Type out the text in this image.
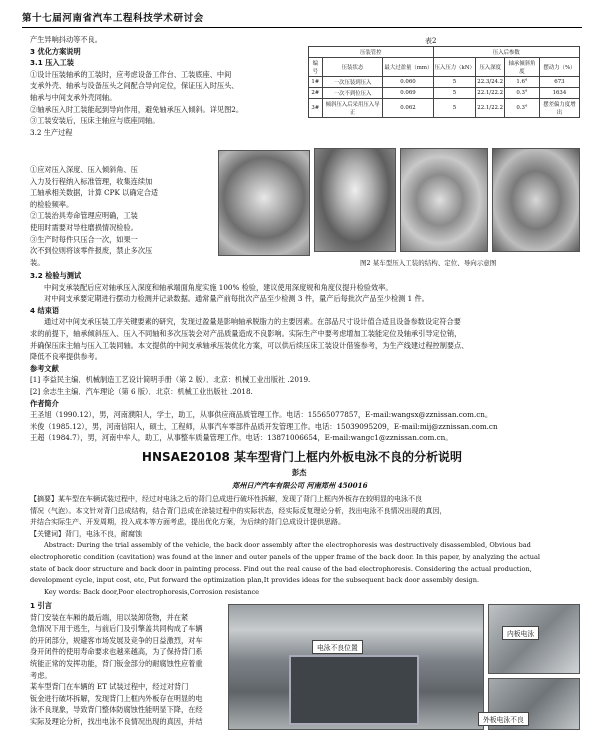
第十七届河南省汽车工程科技学术研讨会
产生异响抖动等不良。
3 优化方案说明
3.1 压入工装
①设计压装轴承的工装时，应考虑设备工作台、工装底座、中间
支承外壳、轴承与设备压头之间配合导向定位，保证压入时压头、
轴承与中间支承外壳同轴。
②轴承压入时工装能起到导向作用，避免轴承压入倾斜。详见图2。
③工装安装后，压床主轴应与底座同轴。
3.2 生产过程
①应对压入深度、压入倾斜角、压
入力及行程纳入标准管理，收集连续加
工轴承相关数据，计算 CPK 以确定合适
的检验频率。
②工装治具寿命管理应明确，工装
使用时需要对导柱磨损情况检验。
③生产时每件只压合一次，如果一
次不到位则将该零件报废，禁止多次压
装。
表2
压装管控			压入后参数			
编号	压装状态	最大过盈量（mm）	压入压力（kN）	压入深度	轴承倾斜角度	摆动力（%）
1#	一次压装到压入	0.060	5	22.3/24.2	1.6°	673
2#	一次不到位压入	0.069	5	22.1/22.2	0.3°	1634
3#	倾斜压入后采用压入导正	0.062	5	22.1/22.2	0.3°	摆差偏力度增出
图2 某车型压入工装的结构、定位、导向示意图
3.2 检验与测试
中间支承装配后应对轴承压入深度和轴承端面角度实施 100% 检验，建议使用深度规和角度仪提升检验效率。
对中间支承要定期进行摆动力检测并记录数据。通常量产前每批次产品至少检测 3 件，量产后每批次产品至少检测 1 件。
4 结束语
通过对中间支承压装工序关键要素的研究，发现过盈量是影响轴承脱脂力的主要因素。在部品尺寸设计值合适且设备参数设定符合要
求的前提下，轴承倾斜压入、压入不同轴和多次压装会对产品质量造成不良影响。实际生产中要考虑增加工装能定位及轴承引导定位销，
并确保压床主轴与压入工装同轴。本文提供的中间支承轴承压装优化方案，可以供后续压床工装设计借鉴参考，为生产线建过程控制要点、
降低不良率提供参考。
参考文献
[1] 李益民主编．机械制造工艺设计简明手册（第 2 版）．北京：机械工业出版社 .2019.
[2] 余志生主编．汽车理论（第 6 版）．北京：机械工业出版社 .2018.
作者简介
王圣旭（1990.12），男，河南濮阳人，学士，助工，从事供应商品质管理工作。电话：15565077857，E-mail:wangsx@zznissan.com.cn。
米俊（1985.12），男，河南信阳人，硕士，工程师，从事汽车零部件品质开发管理工作。电话：15039095209，E-mail:mij@zznissan.com.cn
王超（1984.7），男，河南中牟人，助工，从事整车质量管理工作。电话：13871006654，E-mail:wangc1@zznissan.com.cn。
HNSAE20108 某车型背门上框内外板电泳不良的分析说明
彭杰
郑州日产汽车有限公司 河南郑州 450016
【摘要】某车型在车辆试装过程中，经过对电泳之后的背门总成进行破坏性拆解，发现了背门上框内外板存在较明显的电泳不良
情况（气泡）。本文针对背门总成结构，结合背门总成在涂装过程中的实际状态，经实际反复理论分析，找出电泳不良情况出现的真因，
并结合实际生产、开发周期，投入成本等方面考虑，提出优化方案，为后续的背门总成设计提供思路。
【关键词】背门，电泳不良，耐腐蚀
Abstract: During the trial assembly of the vehicle, the back door assembly after the electrophoresis was destructively disassembled, Obvious bad
electrophoretic condition (cavitation) was found at the inner and outer panels of the upper frame of the back door. In this paper, by analyzing the actual
state of back door structure and back door in painting process. Find out the real cause of the bad electrophoresis. Considering the actual production,
development cycle, input cost, etc, Put forward the optimization plan,It provides ideas for the subsequent back door assembly design.
Key words: Back door,Poor electrophoresis,Corrosion resistance
1 引言
背门安装在车厢的最后端，用以装卸货物，并在紧
急情况下用于逃生，与前后门及引擎盖共同构成了车辆
的开闭部分，规避客市场发展及竞争的日益激烈，对车
身开闭件的使用寿命要求也越来越高，为了保持背门系
统能正常的发挥功能，背门钣金部分的耐腐蚀性应着重
考虑。
某车型背门在车辆的 ET 试装过程中，经过对背门
钣金进行破坏拆解，发现背门上框内外板存在明显的电
泳不良现象，导致背门整体防腐蚀性能明显下降，在经
实际及理论分析，找出电泳不良情况出现的真因，并结
电泳不良位置
内板电泳
外板电泳不良
